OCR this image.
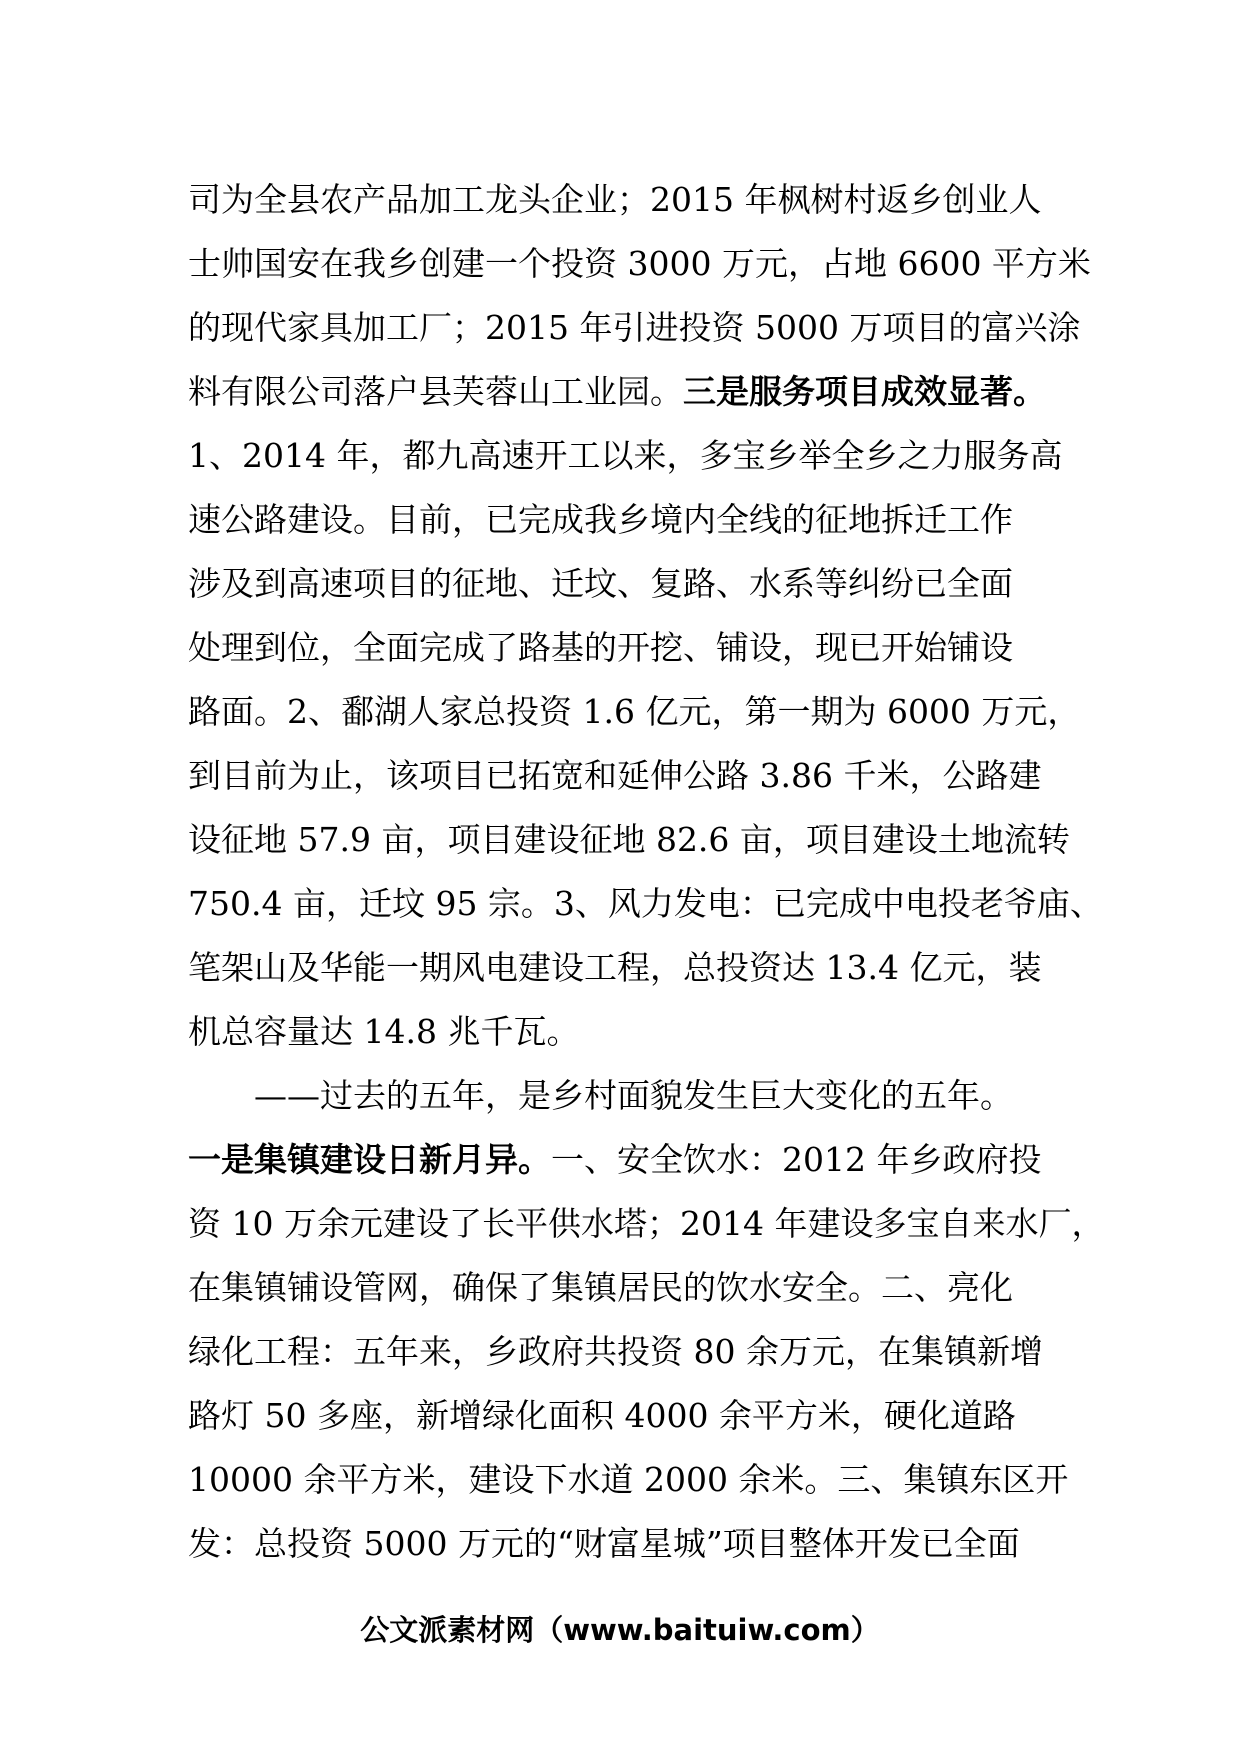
司为全县农产品加工龙头企业；2015 年枫树村返乡创业人
士帅国安在我乡创建一个投资 3000 万元，占地 6600 平方米
的现代家具加工厂；2015 年引进投资 5000 万项目的富兴涂
料有限公司落户县芙蓉山工业园。三是服务项目成效显著。
1、2014 年，都九高速开工以来，多宝乡举全乡之力服务高
速公路建设。目前，已完成我乡境内全线的征地拆迁工作
涉及到高速项目的征地、迁坟、复路、水系等纠纷已全面
处理到位，全面完成了路基的开挖、铺设，现已开始铺设
路面。2、鄱湖人家总投资 1.6 亿元，第一期为 6000 万元，
到目前为止，该项目已拓宽和延伸公路 3.86 千米，公路建
设征地 57.9 亩，项目建设征地 82.6 亩，项目建设土地流转
750.4 亩，迁坟 95 宗。3、风力发电：已完成中电投老爷庙、
笔架山及华能一期风电建设工程，总投资达 13.4 亿元，装
机总容量达 14.8 兆千瓦。
　　——过去的五年，是乡村面貌发生巨大变化的五年。
一是集镇建设日新月异。一、安全饮水：2012 年乡政府投
资 10 万余元建设了长平供水塔；2014 年建设多宝自来水厂，
在集镇铺设管网，确保了集镇居民的饮水安全。二、亮化
绿化工程：五年来，乡政府共投资 80 余万元，在集镇新增
路灯 50 多座，新增绿化面积 4000 余平方米，硬化道路
10000 余平方米，建设下水道 2000 余米。三、集镇东区开
发：总投资 5000 万元的“财富星城”项目整体开发已全面
公文派素材网（www.baituiw.com）
